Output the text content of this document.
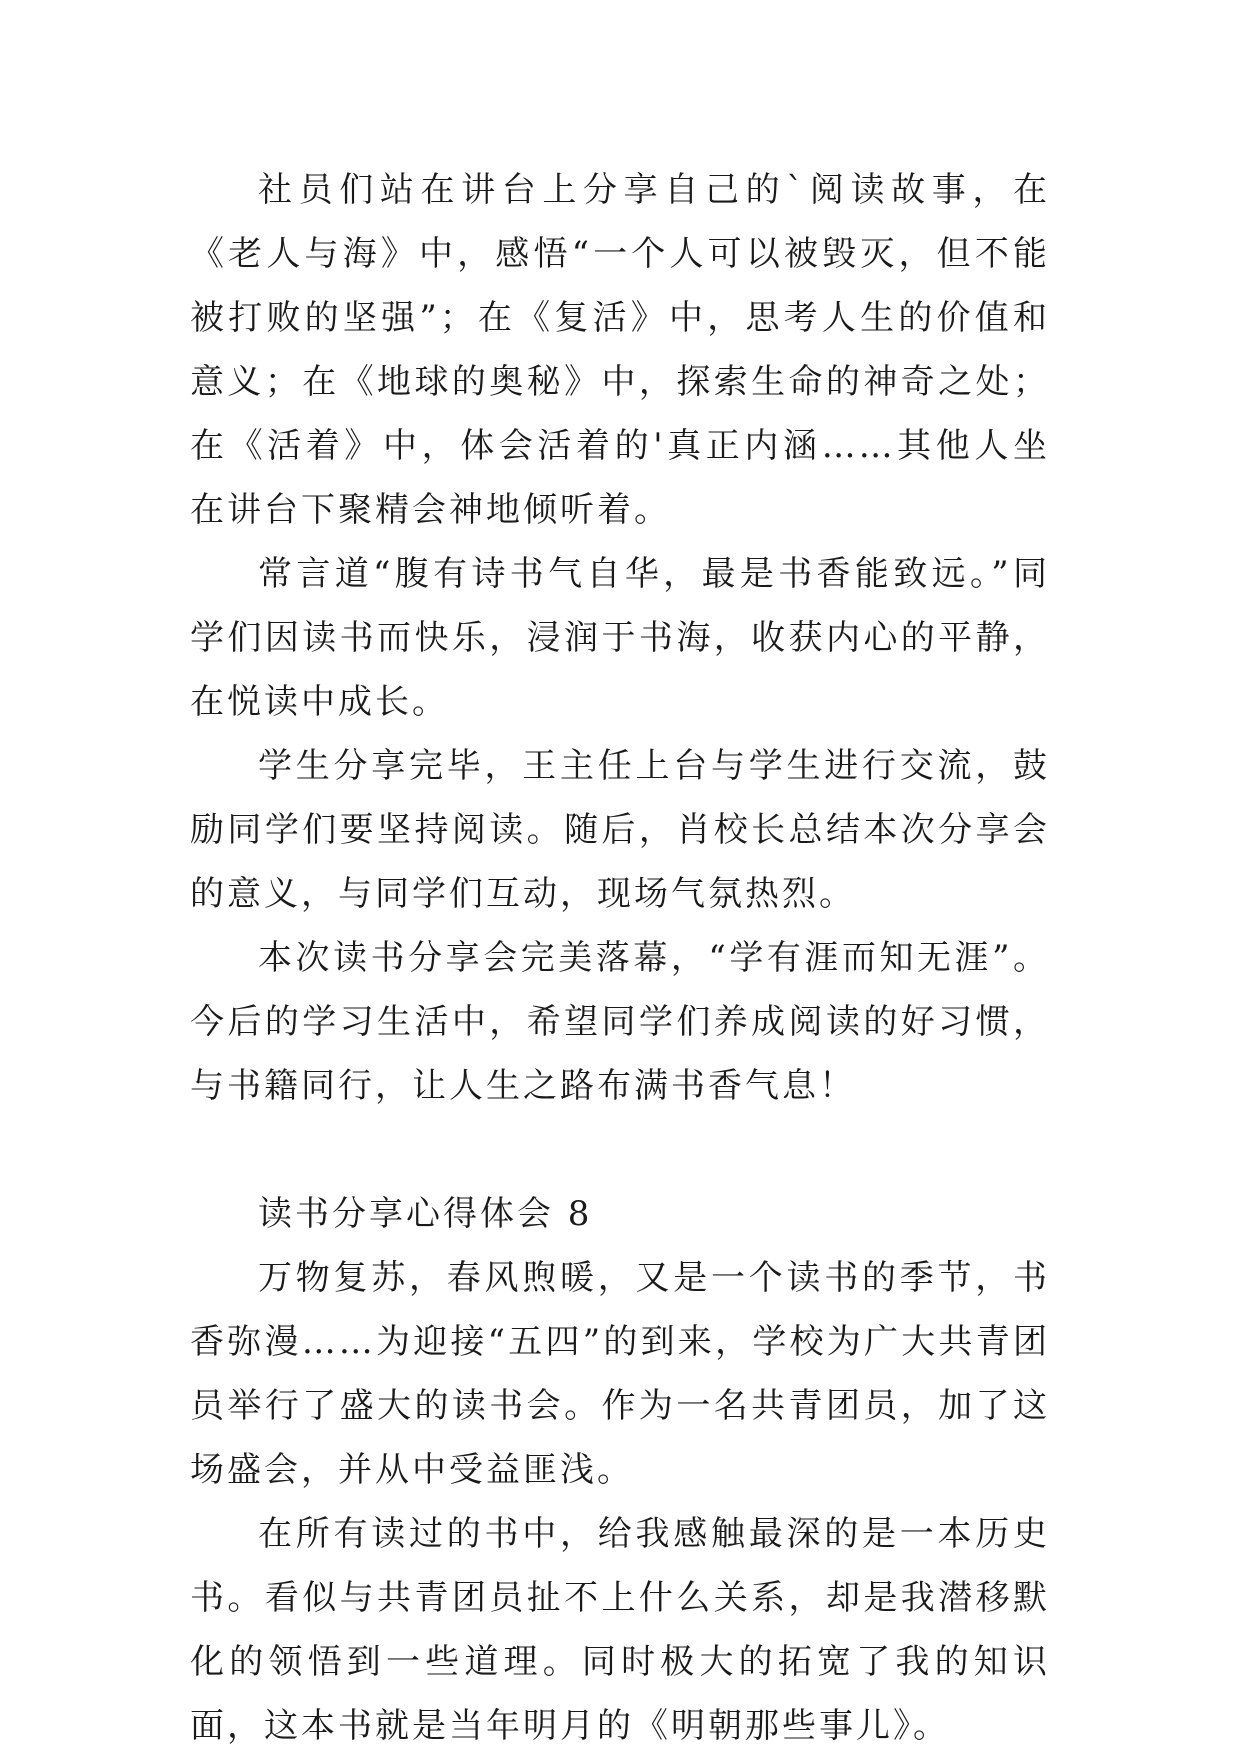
社员们站在讲台上分享自己的`阅读故事，在《老人与海》中，感悟“一个人可以被毁灭，但不能被打败的坚强”；在《复活》中，思考人生的价值和意义；在《地球的奥秘》中，探索生命的神奇之处；在《活着》中，体会活着的'真正内涵……其他人坐在讲台下聚精会神地倾听着。

常言道“腹有诗书气自华，最是书香能致远。”同学们因读书而快乐，浸润于书海，收获内心的平静，在悦读中成长。

学生分享完毕，王主任上台与学生进行交流，鼓励同学们要坚持阅读。随后，肖校长总结本次分享会的意义，与同学们互动，现场气氛热烈。

本次读书分享会完美落幕，“学有涯而知无涯”。今后的学习生活中，希望同学们养成阅读的好习惯，与书籍同行，让人生之路布满书香气息！

读书分享心得体会 8

万物复苏，春风煦暖，又是一个读书的季节，书香弥漫……为迎接“五四”的到来，学校为广大共青团员举行了盛大的读书会。作为一名共青团员，加了这场盛会，并从中受益匪浅。

在所有读过的书中，给我感触最深的是一本历史书。看似与共青团员扯不上什么关系，却是我潜移默化的领悟到一些道理。同时极大的拓宽了我的知识面，这本书就是当年明月的《明朝那些事儿》。
